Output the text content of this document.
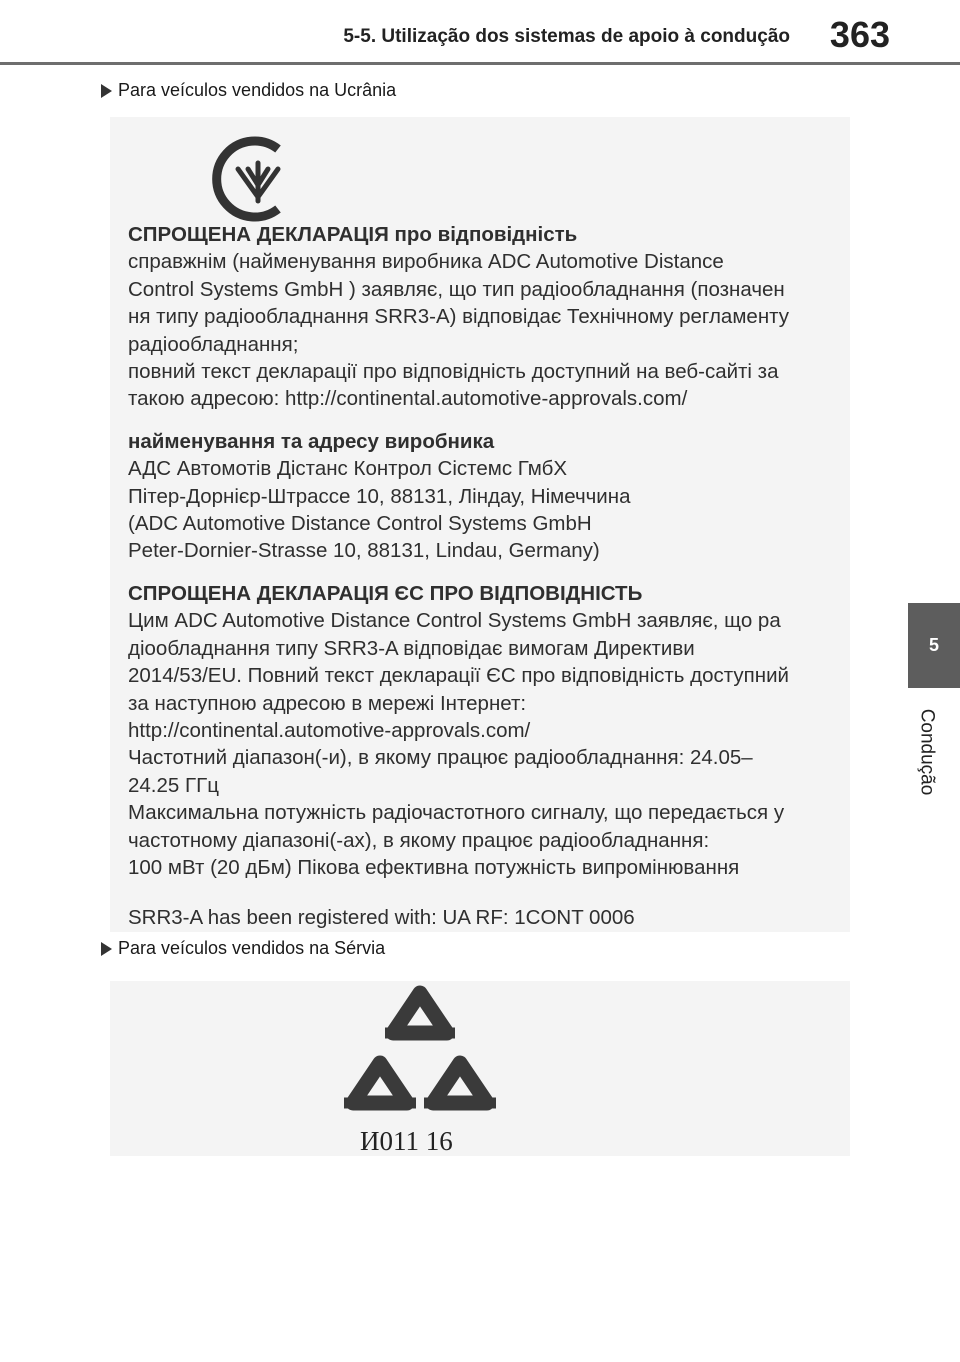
5-5. Utilização dos sistemas de apoio à condução 363
5
Condução
Para veículos vendidos na Ucrânia

СПРОЩЕНА ДЕКЛАРАЦІЯ про відповідність

справжнім (найменування виробника ADC Automotive Distance

Control Systems GmbH ) заявляє, що тип радіообладнання (позначен

ня типу радіообладнання SRR3-A) відповідає Технічному регламенту

радіообладнання;

повний текст декларації про відповідність доступний на веб-сайті за

такою адресою: http://continental.automotive-approvals.com/

найменування та адресу виробника

АДС Автомотів Дістанс Контрол Сістемс ГмбХ

Пітер-Дорнієр-Штрассе 10, 88131, Ліндау, Німеччина

(ADC Automotive Distance Control Systems GmbH

Peter-Dornier-Strasse 10, 88131, Lindau, Germany)

СПРОЩЕНА ДЕКЛАРАЦІЯ ЄС ПРО ВІДПОВІДНІСТЬ

Цим ADC Automotive Distance Control Systems GmbH заявляє, що ра

діообладнання типу SRR3-A відповідає вимогам Директиви

2014/53/EU. Повний текст декларації ЄС про відповідність доступний

за наступною адресою в мережі Інтернет:

http://continental.automotive-approvals.com/

Частотний діапазон(-и), в якому працює радіообладнання: 24.05–

24.25 ГГц

Максимальна потужність радіочастотного сигналу, що передається у

частотному діапазоні(-ах), в якому працює радіообладнання:

100 мВт (20 дБм) Пікова ефективна потужність випромінювання

SRR3-A has been registered with: UA RF: 1CONT 0006

Para veículos vendidos na Sérvia
И011 16
